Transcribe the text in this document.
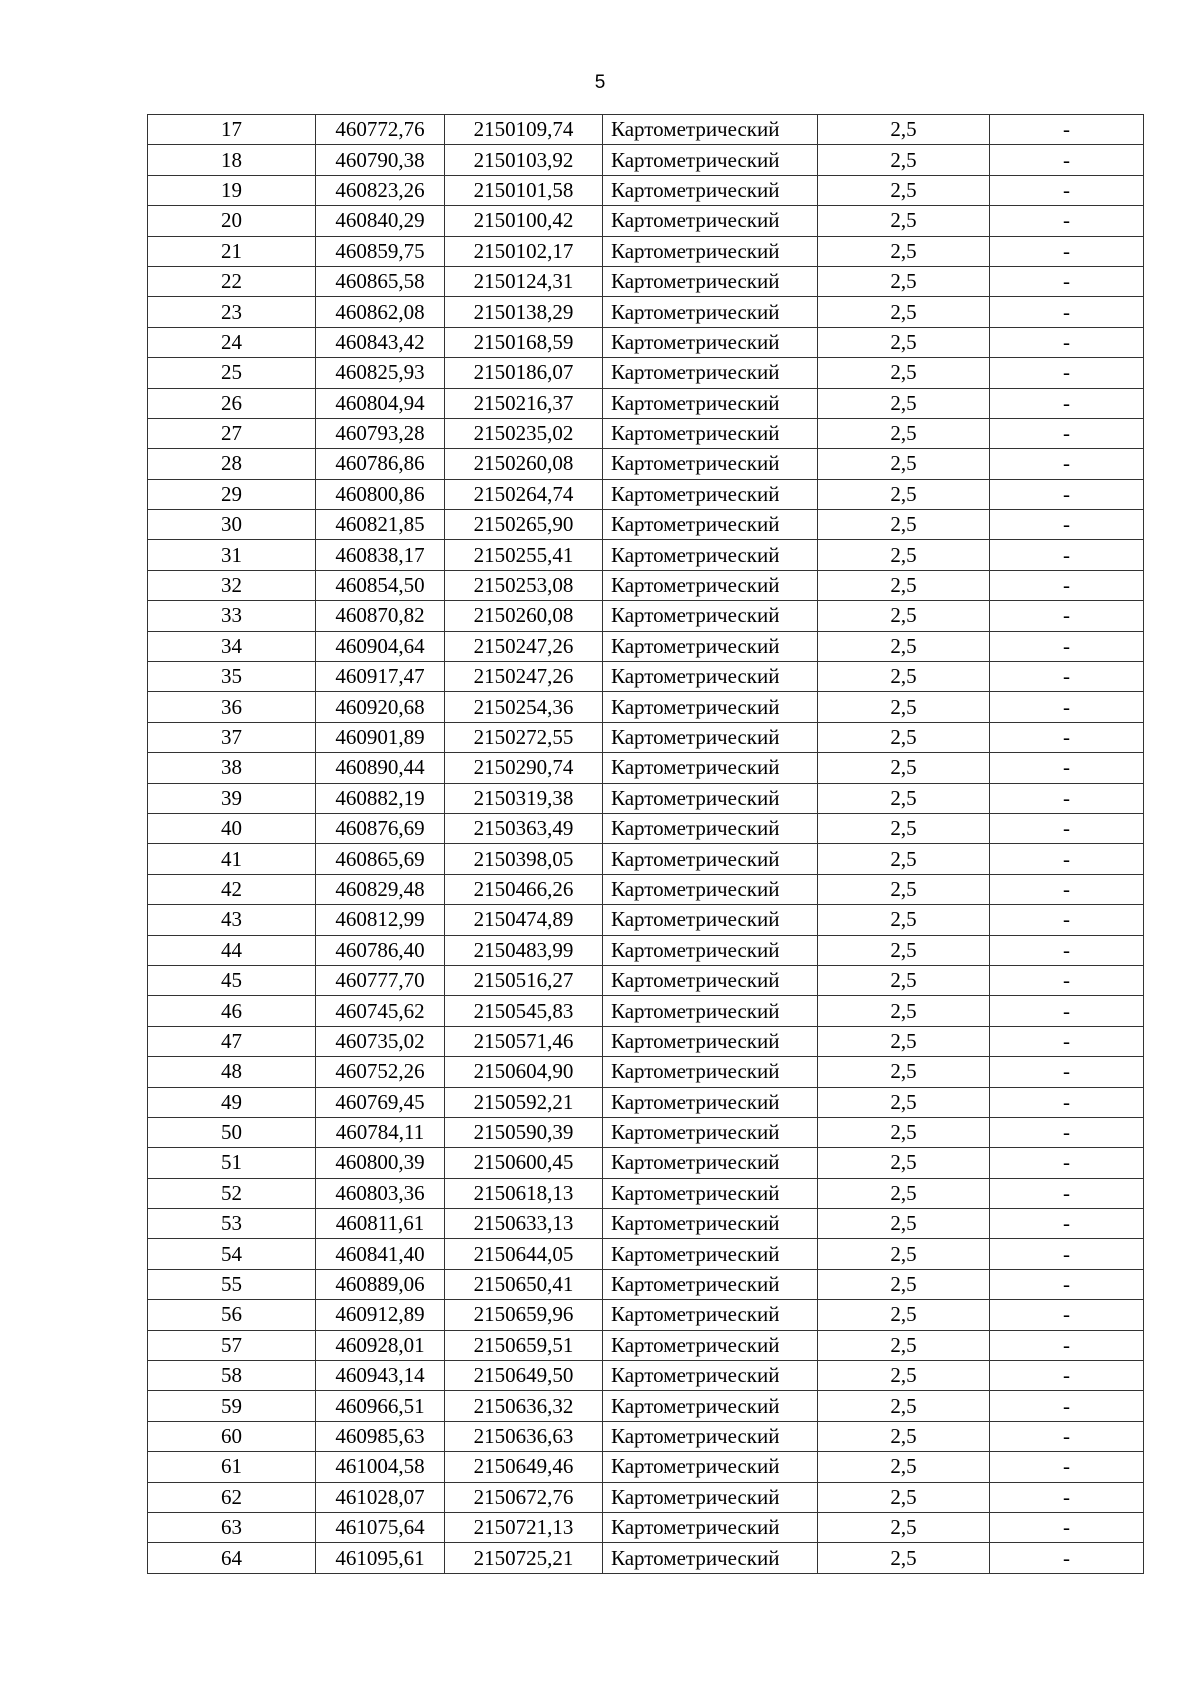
5
17	460772,76	2150109,74	Картометрический	2,5	-
18	460790,38	2150103,92	Картометрический	2,5	-
19	460823,26	2150101,58	Картометрический	2,5	-
20	460840,29	2150100,42	Картометрический	2,5	-
21	460859,75	2150102,17	Картометрический	2,5	-
22	460865,58	2150124,31	Картометрический	2,5	-
23	460862,08	2150138,29	Картометрический	2,5	-
24	460843,42	2150168,59	Картометрический	2,5	-
25	460825,93	2150186,07	Картометрический	2,5	-
26	460804,94	2150216,37	Картометрический	2,5	-
27	460793,28	2150235,02	Картометрический	2,5	-
28	460786,86	2150260,08	Картометрический	2,5	-
29	460800,86	2150264,74	Картометрический	2,5	-
30	460821,85	2150265,90	Картометрический	2,5	-
31	460838,17	2150255,41	Картометрический	2,5	-
32	460854,50	2150253,08	Картометрический	2,5	-
33	460870,82	2150260,08	Картометрический	2,5	-
34	460904,64	2150247,26	Картометрический	2,5	-
35	460917,47	2150247,26	Картометрический	2,5	-
36	460920,68	2150254,36	Картометрический	2,5	-
37	460901,89	2150272,55	Картометрический	2,5	-
38	460890,44	2150290,74	Картометрический	2,5	-
39	460882,19	2150319,38	Картометрический	2,5	-
40	460876,69	2150363,49	Картометрический	2,5	-
41	460865,69	2150398,05	Картометрический	2,5	-
42	460829,48	2150466,26	Картометрический	2,5	-
43	460812,99	2150474,89	Картометрический	2,5	-
44	460786,40	2150483,99	Картометрический	2,5	-
45	460777,70	2150516,27	Картометрический	2,5	-
46	460745,62	2150545,83	Картометрический	2,5	-
47	460735,02	2150571,46	Картометрический	2,5	-
48	460752,26	2150604,90	Картометрический	2,5	-
49	460769,45	2150592,21	Картометрический	2,5	-
50	460784,11	2150590,39	Картометрический	2,5	-
51	460800,39	2150600,45	Картометрический	2,5	-
52	460803,36	2150618,13	Картометрический	2,5	-
53	460811,61	2150633,13	Картометрический	2,5	-
54	460841,40	2150644,05	Картометрический	2,5	-
55	460889,06	2150650,41	Картометрический	2,5	-
56	460912,89	2150659,96	Картометрический	2,5	-
57	460928,01	2150659,51	Картометрический	2,5	-
58	460943,14	2150649,50	Картометрический	2,5	-
59	460966,51	2150636,32	Картометрический	2,5	-
60	460985,63	2150636,63	Картометрический	2,5	-
61	461004,58	2150649,46	Картометрический	2,5	-
62	461028,07	2150672,76	Картометрический	2,5	-
63	461075,64	2150721,13	Картометрический	2,5	-
64	461095,61	2150725,21	Картометрический	2,5	-
